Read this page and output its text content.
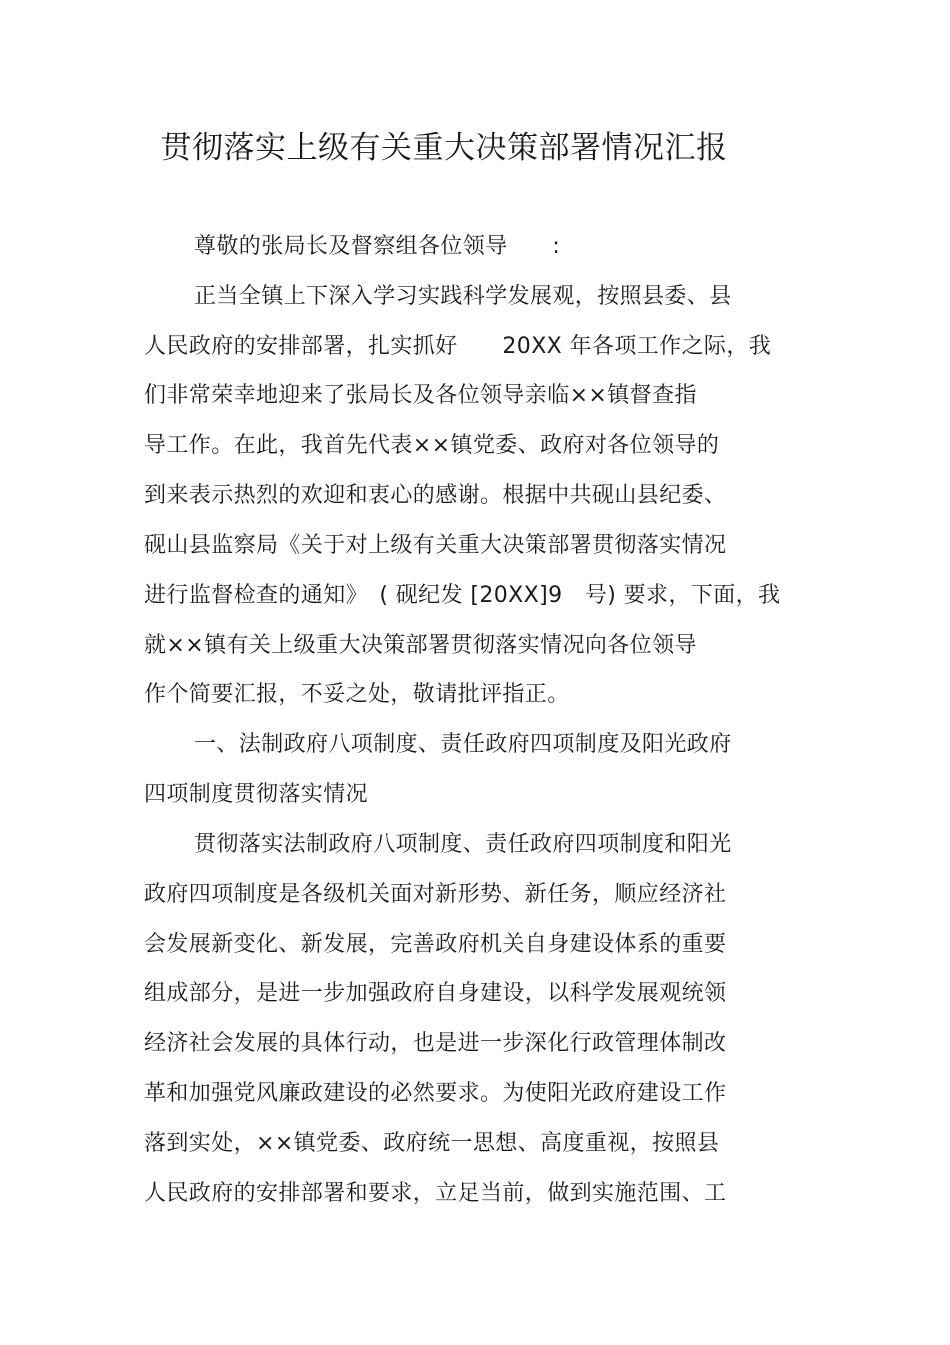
贯彻落实上级有关重大决策部署情况汇报
尊敬的张局长及督察组各位领导　　:
正当全镇上下深入学习实践科学发展观，按照县委、县
人民政府的安排部署，扎实抓好　　20XX 年各项工作之际，我
们非常荣幸地迎来了张局长及各位领导亲临××镇督查指
导工作。在此，我首先代表××镇党委、政府对各位领导的
到来表示热烈的欢迎和衷心的感谢。根据中共砚山县纪委、
砚山县监察局《关于对上级有关重大决策部署贯彻落实情况
进行监督检查的通知》　( 砚纪发 [20XX]9　号) 要求，下面，我
就××镇有关上级重大决策部署贯彻落实情况向各位领导
作个简要汇报，不妥之处，敬请批评指正。
一、法制政府八项制度、责任政府四项制度及阳光政府
四项制度贯彻落实情况
贯彻落实法制政府八项制度、责任政府四项制度和阳光
政府四项制度是各级机关面对新形势、新任务，顺应经济社
会发展新变化、新发展，完善政府机关自身建设体系的重要
组成部分，是进一步加强政府自身建设，以科学发展观统领
经济社会发展的具体行动，也是进一步深化行政管理体制改
革和加强党风廉政建设的必然要求。为使阳光政府建设工作
落到实处，××镇党委、政府统一思想、高度重视，按照县
人民政府的安排部署和要求，立足当前，做到实施范围、工
